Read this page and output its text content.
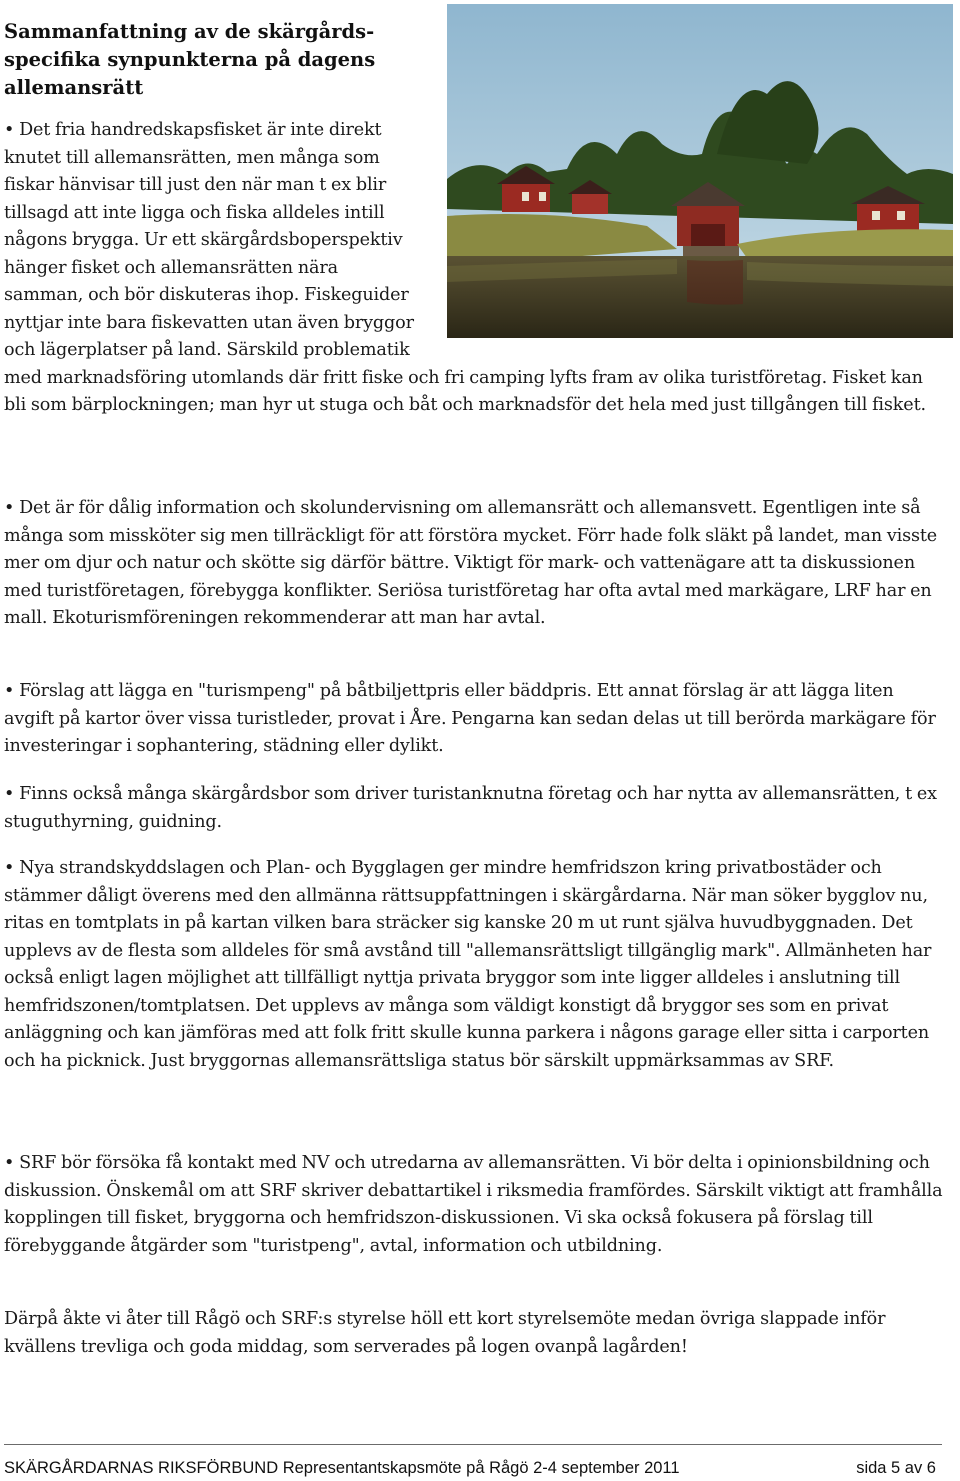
Sammanfattning av de skärgårds-specifika synpunkterna på dagens allemansrätt

• Det fria handredskapsfisket är inte direkt knutet till allemansrätten, men många som fiskar hänvisar till just den när man t ex blir tillsagd att inte ligga och fiska alldeles intill någons brygga. Ur ett skärgårdsboperspektiv hänger fisket och allemansrätten nära samman, och bör diskuteras ihop. Fiskeguider nyttjar inte bara fiskevatten utan även bryggor och lägerplatser på land. Särskild problematik med marknadsföring utomlands där fritt fiske och fri camping lyfts fram av olika turistföretag. Fisket kan bli som bärplockningen; man hyr ut stuga och båt och marknadsför det hela med just tillgången till fisket.

• Det är för dålig information och skolundervisning om allemansrätt och allemansvett. Egentligen inte så många som missköter sig men tillräckligt för att förstöra mycket. Förr hade folk släkt på landet, man visste mer om djur och natur och skötte sig därför bättre. Viktigt för mark- och vattenägare att ta diskussionen med turistföretagen, förebygga konflikter. Seriösa turistföretag har ofta avtal med markägare, LRF har en mall. Ekoturismföreningen rekommenderar att man har avtal.

• Förslag att lägga en "turismpeng" på båtbiljettpris eller bäddpris. Ett annat förslag är att lägga liten avgift på kartor över vissa turistleder, provat i Åre. Pengarna kan sedan delas ut till berörda markägare för investeringar i sophantering, städning eller dylikt.

• Finns också många skärgårdsbor som driver turistanknutna företag och har nytta av allemansrätten, t ex stuguthyrning, guidning.

• Nya strandskyddslagen och Plan- och Bygglagen ger mindre hemfridszon kring privatbostäder och stämmer dåligt överens med den allmänna rättsuppfattningen i skärgårdarna. När man söker bygglov nu, ritas en tomtplats in på kartan vilken bara sträcker sig kanske 20 m ut runt själva huvudbyggnaden. Det upplevs av de flesta som alldeles för små avstånd till "allemansrättsligt tillgänglig mark". Allmänheten har också enligt lagen möjlighet att tillfälligt nyttja privata bryggor som inte ligger alldeles i anslutning till hemfridszonen/tomtplatsen. Det upplevs av många som väldigt konstigt då bryggor ses som en privat anläggning och kan jämföras med att folk fritt skulle kunna parkera i någons garage eller sitta i carporten och ha picknick. Just bryggornas allemansrättsliga status bör särskilt uppmärksammas av SRF.

• SRF bör försöka få kontakt med NV och utredarna av allemansrätten. Vi bör delta i opinionsbildning och diskussion. Önskemål om att SRF skriver debattartikel i riksmedia framfördes. Särskilt viktigt att framhålla kopplingen till fisket, bryggorna och hemfridszon-diskussionen. Vi ska också fokusera på förslag till förebyggande åtgärder som "turistpeng", avtal, information och utbildning.

Därpå åkte vi åter till Rågö och SRF:s styrelse höll ett kort styrelsemöte medan övriga slappade inför kvällens trevliga och goda middag, som serverades på logen ovanpå lagården!

SKÄRGÅRDARNAS RIKSFÖRBUND Representantskapsmöte på Rågö 2-4 september 2011	sida 5 av 6
